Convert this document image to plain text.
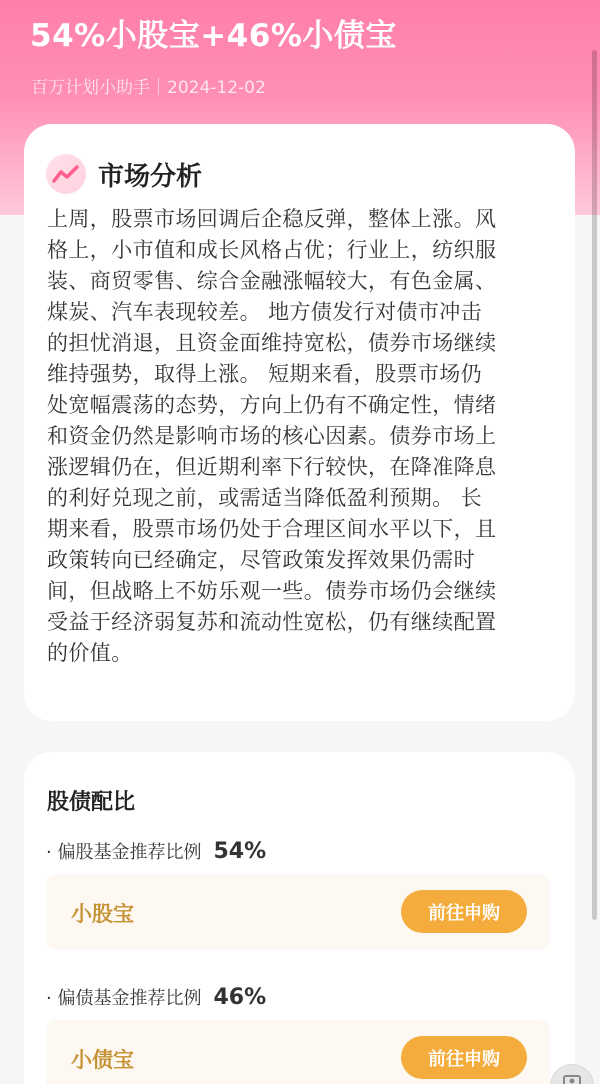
54%小股宝+46%小债宝
百万计划小助手｜2024-12-02
市场分析
上周，股票市场回调后企稳反弹，整体上涨。风
格上，小市值和成长风格占优；行业上，纺织服
装、商贸零售、综合金融涨幅较大，有色金属、
煤炭、汽车表现较差。 地方债发行对债市冲击
的担忧消退，且资金面维持宽松，债券市场继续
维持强势，取得上涨。 短期来看，股票市场仍
处宽幅震荡的态势，方向上仍有不确定性，情绪
和资金仍然是影响市场的核心因素。债券市场上
涨逻辑仍在，但近期利率下行较快，在降准降息
的利好兑现之前，或需适当降低盈利预期。 长
期来看，股票市场仍处于合理区间水平以下，且
政策转向已经确定，尽管政策发挥效果仍需时
间，但战略上不妨乐观一些。债券市场仍会继续
受益于经济弱复苏和流动性宽松，仍有继续配置
的价值。
股债配比
· 偏股基金推荐比例 54%
小股宝	前往申购
· 偏债基金推荐比例 46%
小债宝	前往申购
